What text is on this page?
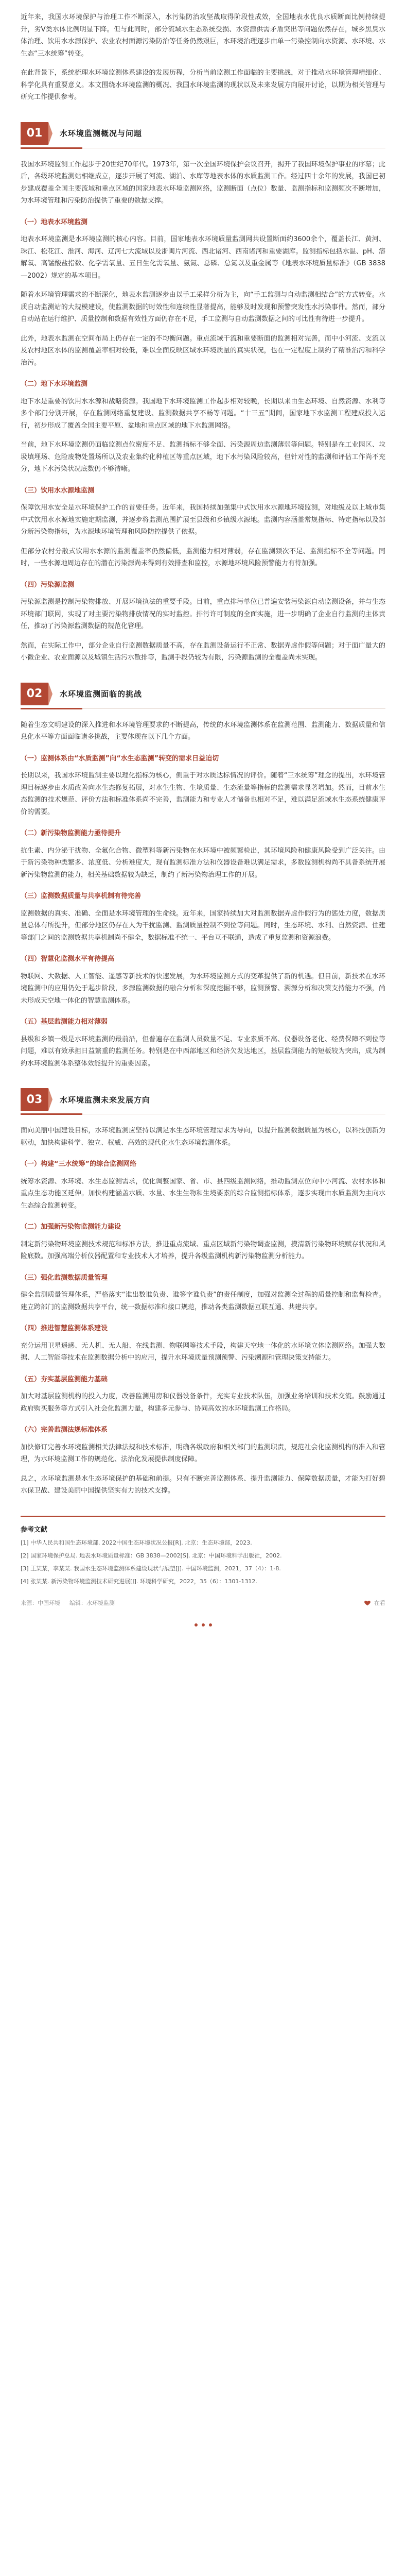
近年来，我国水环境保护与治理工作不断深入，水污染防治攻坚战取得阶段性成效，全国地表水优良水质断面比例持续提升，劣Ⅴ类水体比例明显下降。但与此同时，部分流域水生态系统受损、水资源供需矛盾突出等问题依然存在，城乡黑臭水体治理、饮用水水源保护、农业农村面源污染防治等任务仍然艰巨，水环境治理逐步由单一污染控制向水资源、水环境、水生态“三水统筹”转变。

在此背景下，系统梳理水环境监测体系建设的发展历程，分析当前监测工作面临的主要挑战，对于推动水环境管理精细化、科学化具有重要意义。本文围绕水环境监测的概况、我国水环境监测的现状以及未来发展方向展开讨论，以期为相关管理与研究工作提供参考。

01	水环境监测概况与问题

我国水环境监测工作起步于20世纪70年代。1973年，第一次全国环境保护会议召开，揭开了我国环境保护事业的序幕；此后，各级环境监测站相继成立，逐步开展了河流、湖泊、水库等地表水体的水质监测工作。经过四十余年的发展，我国已初步建成覆盖全国主要流域和重点区域的国家地表水环境监测网络，监测断面（点位）数量、监测指标和监测频次不断增加，为水环境管理和污染防治提供了重要的数据支撑。

（一）地表水环境监测

地表水环境监测是水环境监测的核心内容。目前，国家地表水环境质量监测网共设置断面约3600余个，覆盖长江、黄河、珠江、松花江、淮河、海河、辽河七大流域以及浙闽片河流、西北诸河、西南诸河和重要湖库。监测指标包括水温、pH、溶解氧、高锰酸盐指数、化学需氧量、五日生化需氧量、氨氮、总磷、总氮以及重金属等《地表水环境质量标准》（GB 3838—2002）规定的基本项目。

随着水环境管理需求的不断深化，地表水监测逐步由以手工采样分析为主，向“手工监测与自动监测相结合”的方式转变。水质自动监测站的大规模建设，使监测数据的时效性和连续性显著提高，能够及时发现和预警突发性水污染事件。然而，部分自动站在运行维护、质量控制和数据有效性方面仍存在不足，手工监测与自动监测数据之间的可比性有待进一步提升。

此外，地表水监测在空间布局上仍存在一定的不均衡问题。重点流域干流和重要断面的监测相对完善，而中小河流、支流以及农村地区水体的监测覆盖率相对较低，难以全面反映区域水环境质量的真实状况，也在一定程度上制约了精准治污和科学治污。

（二）地下水环境监测

地下水是重要的饮用水水源和战略资源。我国地下水环境监测工作起步相对较晚，长期以来由生态环境、自然资源、水利等多个部门分别开展，存在监测网络重复建设、监测数据共享不畅等问题。“十三五”期间，国家地下水监测工程建成投入运行，初步形成了覆盖全国主要平原、盆地和重点区域的地下水监测网络。

当前，地下水环境监测仍面临监测点位密度不足、监测指标不够全面、污染源周边监测薄弱等问题。特别是在工业园区、垃圾填埋场、危险废物处置场所以及农业集约化种植区等重点区域，地下水污染风险较高，但针对性的监测和评估工作尚不充分，地下水污染状况底数仍不够清晰。

（三）饮用水水源地监测

保障饮用水安全是水环境保护工作的首要任务。近年来，我国持续加强集中式饮用水水源地环境监测，对地级及以上城市集中式饮用水水源地实施定期监测，并逐步将监测范围扩展至县级和乡镇级水源地。监测内容涵盖常规指标、特定指标以及部分新污染物指标，为水源地环境管理和风险防控提供了依据。

但部分农村分散式饮用水水源的监测覆盖率仍然偏低，监测能力相对薄弱，存在监测频次不足、监测指标不全等问题。同时，一些水源地周边存在的潜在污染源尚未得到有效排查和监控，水源地环境风险预警能力有待加强。

（四）污染源监测

污染源监测是控制污染物排放、开展环境执法的重要手段。目前，重点排污单位已普遍安装污染源自动监测设备，并与生态环境部门联网，实现了对主要污染物排放情况的实时监控。排污许可制度的全面实施，进一步明确了企业自行监测的主体责任，推动了污染源监测数据的规范化管理。

然而，在实际工作中，部分企业自行监测数据质量不高，存在监测设备运行不正常、数据弄虚作假等问题；对于面广量大的小微企业、农业面源以及城镇生活污水散排等，监测手段仍较为有限，污染源监测的全覆盖尚未实现。

02	水环境监测面临的挑战

随着生态文明建设的深入推进和水环境管理要求的不断提高，传统的水环境监测体系在监测范围、监测能力、数据质量和信息化水平等方面面临诸多挑战，主要体现在以下几个方面。

（一）监测体系由“水质监测”向“水生态监测”转变的需求日益迫切

长期以来，我国水环境监测主要以理化指标为核心，侧重于对水质达标情况的评价。随着“三水统筹”理念的提出，水环境管理目标逐步由水质改善向水生态修复拓展，对水生生物、生境质量、生态流量等指标的监测需求显著增加。然而，目前水生态监测的技术规范、评价方法和标准体系尚不完善，监测能力和专业人才储备也相对不足，难以满足流域水生态系统健康评价的需要。

（二）新污染物监测能力亟待提升

抗生素、内分泌干扰物、全氟化合物、微塑料等新污染物在水环境中被频繁检出，其环境风险和健康风险受到广泛关注。由于新污染物种类繁多、浓度低、分析难度大，现有监测标准方法和仪器设备难以满足需求，多数监测机构尚不具备系统开展新污染物监测的能力，相关基础数据较为缺乏，制约了新污染物治理工作的开展。

（三）监测数据质量与共享机制有待完善

监测数据的真实、准确、全面是水环境管理的生命线。近年来，国家持续加大对监测数据弄虚作假行为的惩处力度，数据质量总体有所提升，但部分地区仍存在人为干扰监测、监测质量控制不到位等问题。同时，生态环境、水利、自然资源、住建等部门之间的监测数据共享机制尚不健全，数据标准不统一、平台互不联通，造成了重复监测和资源浪费。

（四）智慧化监测水平有待提高

物联网、大数据、人工智能、遥感等新技术的快速发展，为水环境监测方式的变革提供了新的机遇。但目前，新技术在水环境监测中的应用仍处于起步阶段，多源监测数据的融合分析和深度挖掘不够，监测预警、溯源分析和决策支持能力不强，尚未形成天空地一体化的智慧监测体系。

（五）基层监测能力相对薄弱

县级和乡镇一级是水环境监测的最前沿，但普遍存在监测人员数量不足、专业素质不高、仪器设备老化、经费保障不到位等问题，难以有效承担日益繁重的监测任务。特别是在中西部地区和经济欠发达地区，基层监测能力的短板较为突出，成为制约水环境监测体系整体效能提升的重要因素。

03	水环境监测未来发展方向

面向美丽中国建设目标，水环境监测应坚持以满足水生态环境管理需求为导向，以提升监测数据质量为核心，以科技创新为驱动，加快构建科学、独立、权威、高效的现代化水生态环境监测体系。

（一）构建“三水统筹”的综合监测网络

统筹水资源、水环境、水生态监测需求，优化调整国家、省、市、县四级监测网络，推动监测点位向中小河流、农村水体和重点生态功能区延伸。加快构建涵盖水质、水量、水生生物和生境要素的综合监测指标体系，逐步实现由水质监测为主向水生态综合监测转变。

（二）加强新污染物监测能力建设

制定新污染物环境监测技术规范和标准方法，推进重点流域、重点区域新污染物调查监测，摸清新污染物环境赋存状况和风险底数。加强高端分析仪器配置和专业技术人才培养，提升各级监测机构新污染物监测分析能力。

（三）强化监测数据质量管理

健全监测质量管理体系，严格落实“谁出数谁负责、谁签字谁负责”的责任制度，加强对监测全过程的质量控制和监督检查。建立跨部门的监测数据共享平台，统一数据标准和接口规范，推动各类监测数据互联互通、共建共享。

（四）推进智慧监测体系建设

充分运用卫星遥感、无人机、无人船、在线监测、物联网等技术手段，构建天空地一体化的水环境立体监测网络。加强大数据、人工智能等技术在监测数据分析中的应用，提升水环境质量预测预警、污染溯源和管理决策支持能力。

（五）夯实基层监测能力基础

加大对基层监测机构的投入力度，改善监测用房和仪器设备条件，充实专业技术队伍，加强业务培训和技术交流。鼓励通过政府购买服务等方式引入社会化监测力量，构建多元参与、协同高效的水环境监测工作格局。

（六）完善监测法规标准体系

加快修订完善水环境监测相关法律法规和技术标准，明确各级政府和相关部门的监测职责，规范社会化监测机构的准入和管理，为水环境监测工作的规范化、法治化发展提供制度保障。

总之，水环境监测是水生态环境保护的基础和前提。只有不断完善监测体系、提升监测能力、保障数据质量，才能为打好碧水保卫战、建设美丽中国提供坚实有力的技术支撑。

参考文献

[1] 中华人民共和国生态环境部. 2022中国生态环境状况公报[R]. 北京：生态环境部，2023.

[2] 国家环境保护总局. 地表水环境质量标准：GB 3838—2002[S]. 北京：中国环境科学出版社，2002.

[3] 王某某，李某某. 我国水生态环境监测体系建设现状与展望[J]. 中国环境监测，2021，37（4）：1-8.

[4] 张某某. 新污染物环境监测技术研究进展[J]. 环境科学研究，2022，35（6）：1301-1312.

来源：中国环境 编辑：水环境监测	在看
